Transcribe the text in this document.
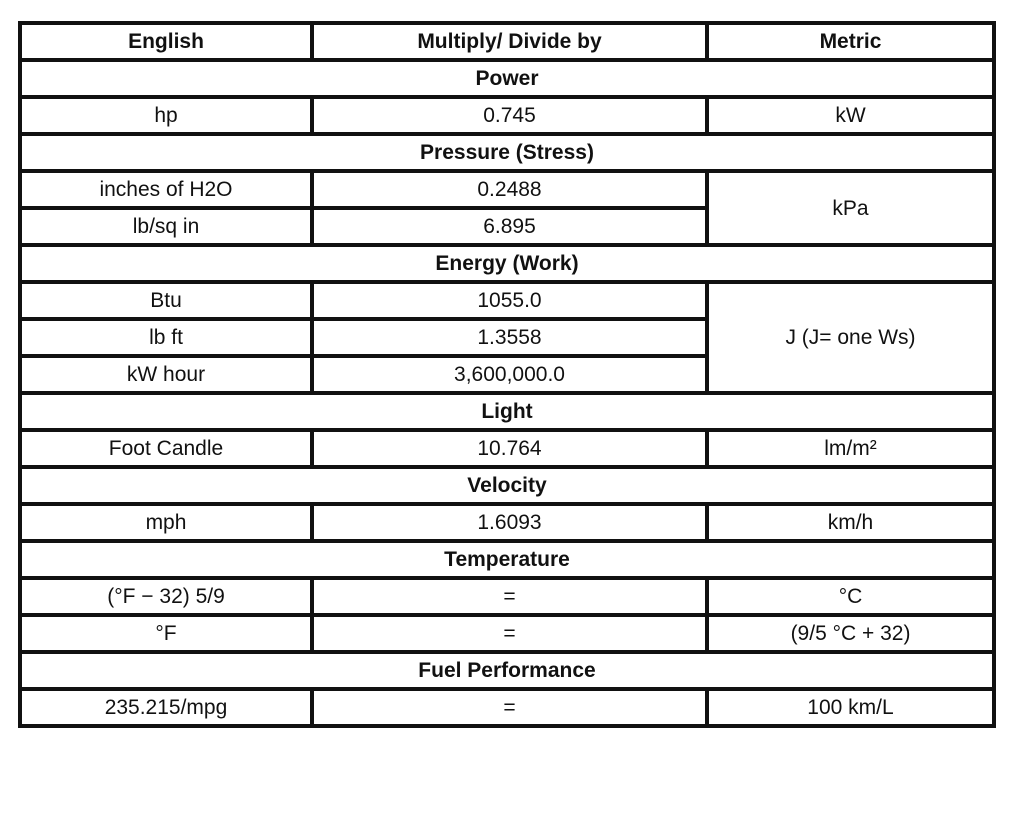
English	Multiply/ Divide by	Metric
Power		
hp	0.745	kW
Pressure (Stress)		
inches of H2O	0.2488	kPa
lb/sq in	6.895	
Energy (Work)		
Btu	1055.0	J (J= one Ws)
lb ft	1.3558	
kW hour	3,600,000.0	
Light		
Foot Candle	10.764	lm/m²
Velocity		
mph	1.6093	km/h
Temperature		
(°F − 32) 5/9	=	°C
°F	=	(9/5 °C + 32)
Fuel Performance		
235.215/mpg	=	100 km/L
